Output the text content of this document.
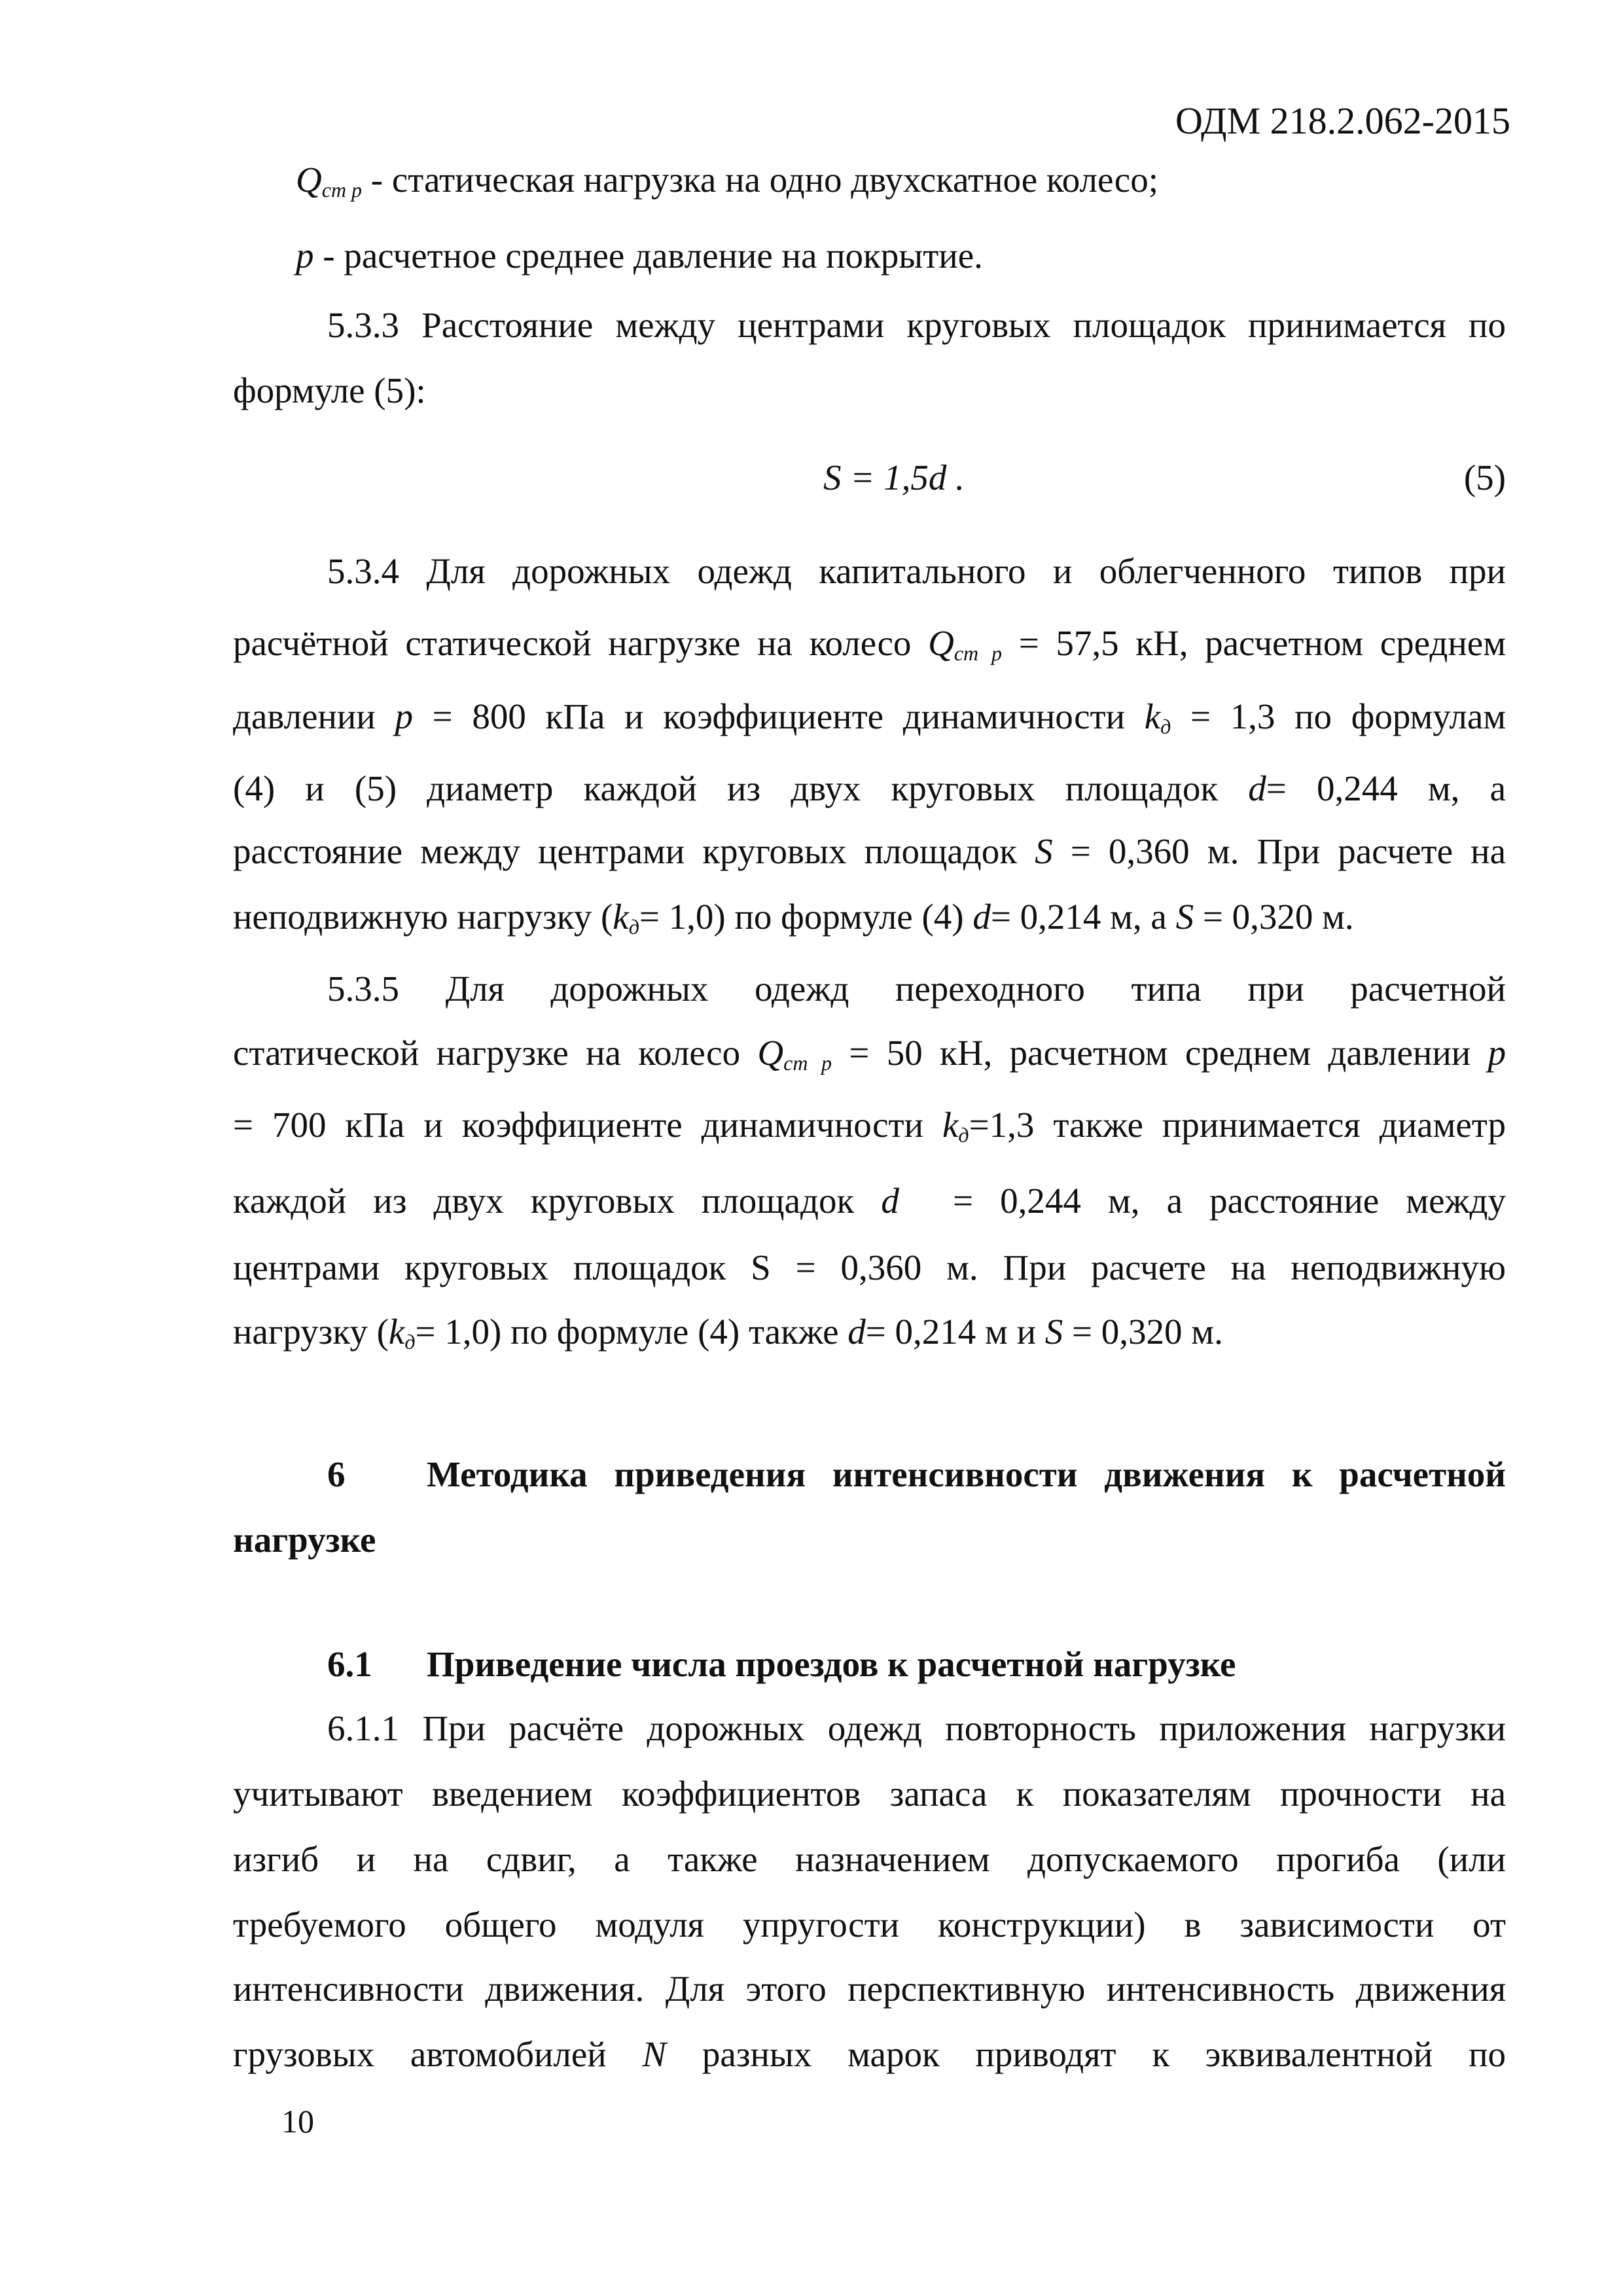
ОДМ 218.2.062-2015
$Q_{ст р}$ - статическая нагрузка на одно двухскатное колесо;
p - расчетное среднее давление на покрытие.
5.3.3 Расстояние между центрами круговых площадок принимается по
формуле (5):
S = 1,5d .	(5)
5.3.4 Для дорожных одежд капитального и облегченного типов при
расчётной статической нагрузке на колесо $Q_{ст р} = 57,5$ кН, расчетном среднем
давлении p = 800 кПа и коэффициенте динамичности $k_д = 1,3$ по формулам
(4) и (5) диаметр каждой из двух круговых площадок d= 0,244 м, а
расстояние между центрами круговых площадок S = 0,360 м. При расчете на
неподвижную нагрузку $(k_д= 1,0)$ по формуле (4) d= 0,214 м, а S = 0,320 м.
5.3.5 Для дорожных одежд переходного типа при расчетной
статической нагрузке на колесо $Q_{ст р} = 50$ кН, расчетном среднем давлении p
= 700 кПа и коэффициенте динамичности $k_д=1,3$ также принимается диаметр
каждой из двух круговых площадок d = 0,244 м, а расстояние между
центрами круговых площадок S = 0,360 м. При расчете на неподвижную
нагрузку $(k_д= 1,0)$ по формуле (4) также d= 0,214 м и S = 0,320 м.
6	Методика приведения интенсивности движения к расчетной
нагрузке
6.1	Приведение числа проездов к расчетной нагрузке
6.1.1 При расчёте дорожных одежд повторность приложения нагрузки
учитывают введением коэффициентов запаса к показателям прочности на
изгиб и на сдвиг, а также назначением допускаемого прогиба (или
требуемого общего модуля упругости конструкции) в зависимости от
интенсивности движения. Для этого перспективную интенсивность движения
грузовых автомобилей N разных марок приводят к эквивалентной по
10
